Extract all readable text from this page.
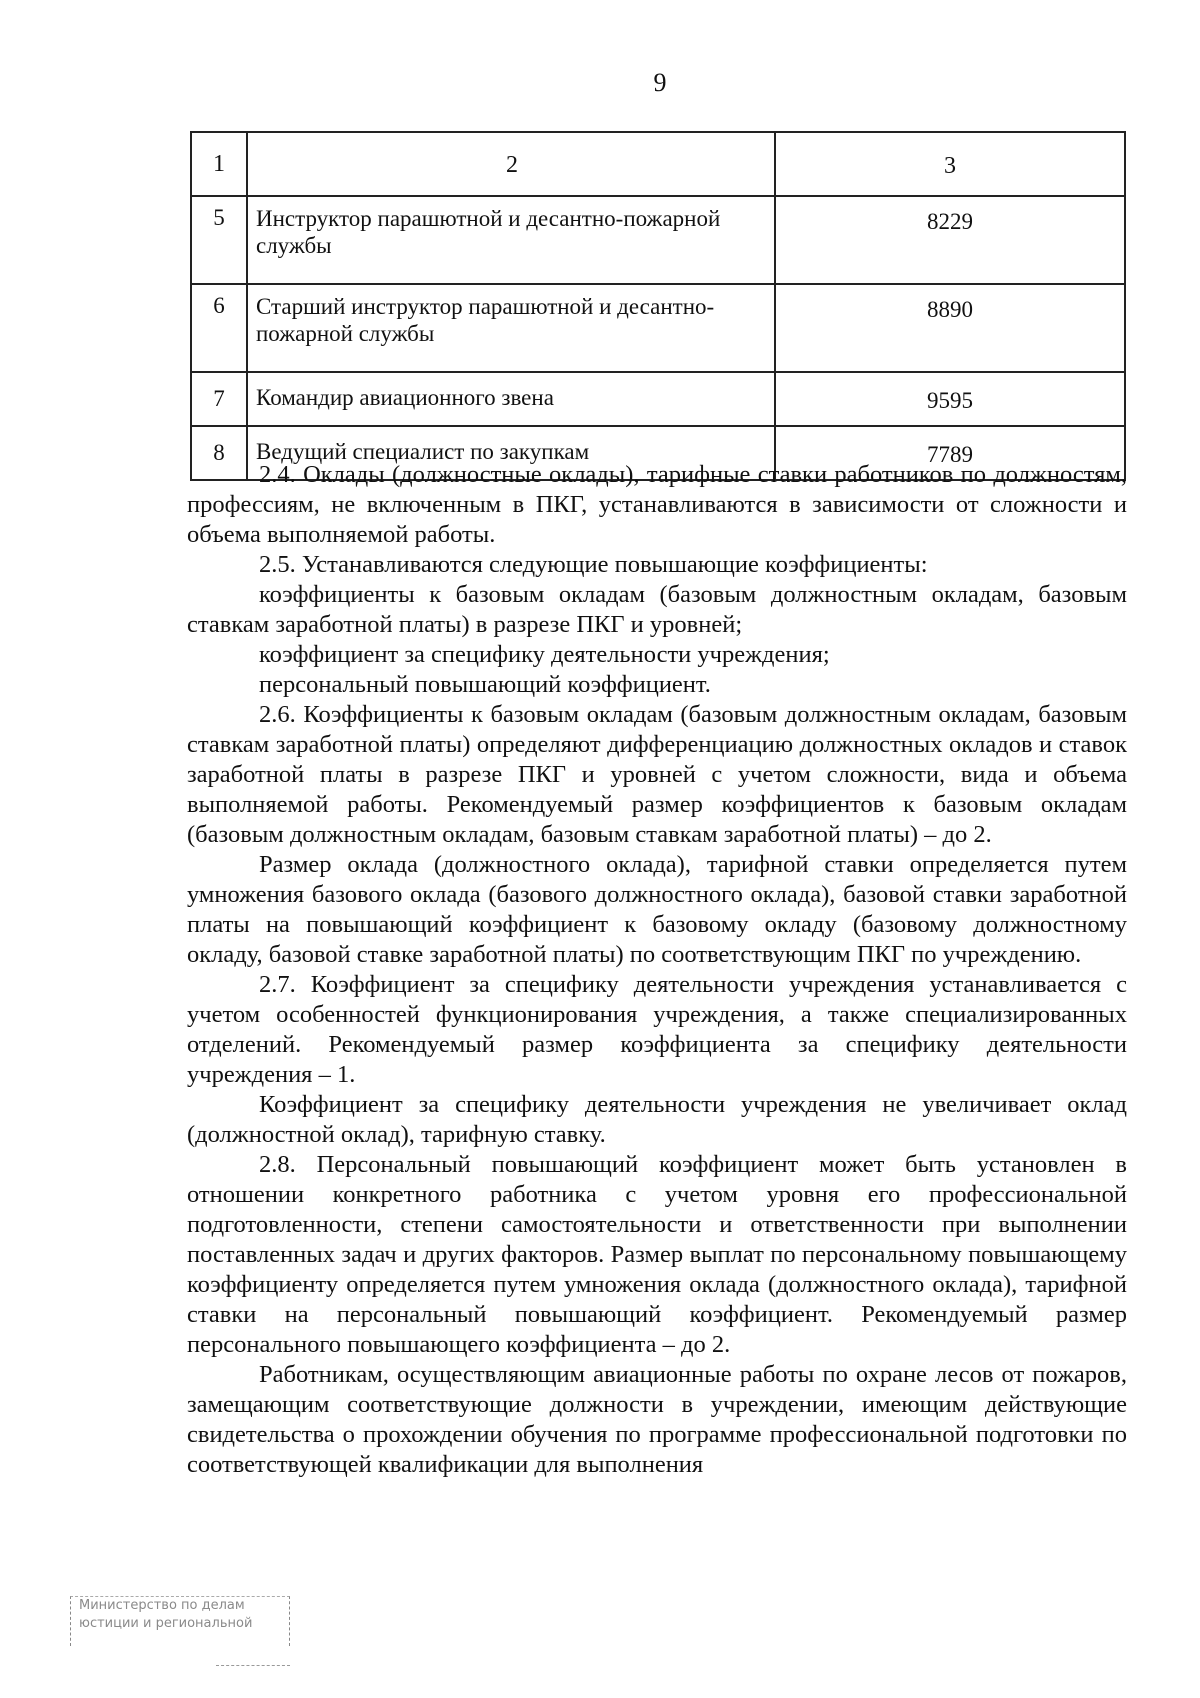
9
1	2	3
5	Инструктор парашютной и десантно-пожарной службы	8229
6	Старший инструктор парашютной и десантно-пожарной службы	8890
7	Командир авиационного звена	9595
8	Ведущий специалист по закупкам	7789

2.4. Оклады (должностные оклады), тарифные ставки работников по должностям, профессиям, не включенным в ПКГ, устанавливаются в зависимости от сложности и объема выполняемой работы.

2.5. Устанавливаются следующие повышающие коэффициенты:

коэффициенты к базовым окладам (базовым должностным окладам, базовым ставкам заработной платы) в разрезе ПКГ и уровней;

коэффициент за специфику деятельности учреждения;

персональный повышающий коэффициент.

2.6. Коэффициенты к базовым окладам (базовым должностным окладам, базовым ставкам заработной платы) определяют дифференциацию должностных окладов и ставок заработной платы в разрезе ПКГ и уровней с учетом сложности, вида и объема выполняемой работы. Рекомендуемый размер коэффициентов к базовым окладам (базовым должностным окладам, базовым ставкам заработной платы) – до 2.

Размер оклада (должностного оклада), тарифной ставки определяется путем умножения базового оклада (базового должностного оклада), базовой ставки заработной платы на повышающий коэффициент к базовому окладу (базовому должностному окладу, базовой ставке заработной платы) по соответствующим ПКГ по учреждению.

2.7. Коэффициент за специфику деятельности учреждения устанавливается с учетом особенностей функционирования учреждения, а также специализированных отделений. Рекомендуемый размер коэффициента за специфику деятельности учреждения – 1.

Коэффициент за специфику деятельности учреждения не увеличивает оклад (должностной оклад), тарифную ставку.

2.8. Персональный повышающий коэффициент может быть установлен в отношении конкретного работника с учетом уровня его профессиональной подготовленности, степени самостоятельности и ответственности при выполнении поставленных задач и других факторов. Размер выплат по персональному повышающему коэффициенту определяется путем умножения оклада (должностного оклада), тарифной ставки на персональный повышающий коэффициент. Рекомендуемый размер персонального повышающего коэффициента – до 2.

Работникам, осуществляющим авиационные работы по охране лесов от пожаров, замещающим соответствующие должности в учреждении, имеющим действующие свидетельства о прохождении обучения по программе профессиональной подготовки по соответствующей квалификации для выполнения

Министерство по делам
юстиции и региональной
